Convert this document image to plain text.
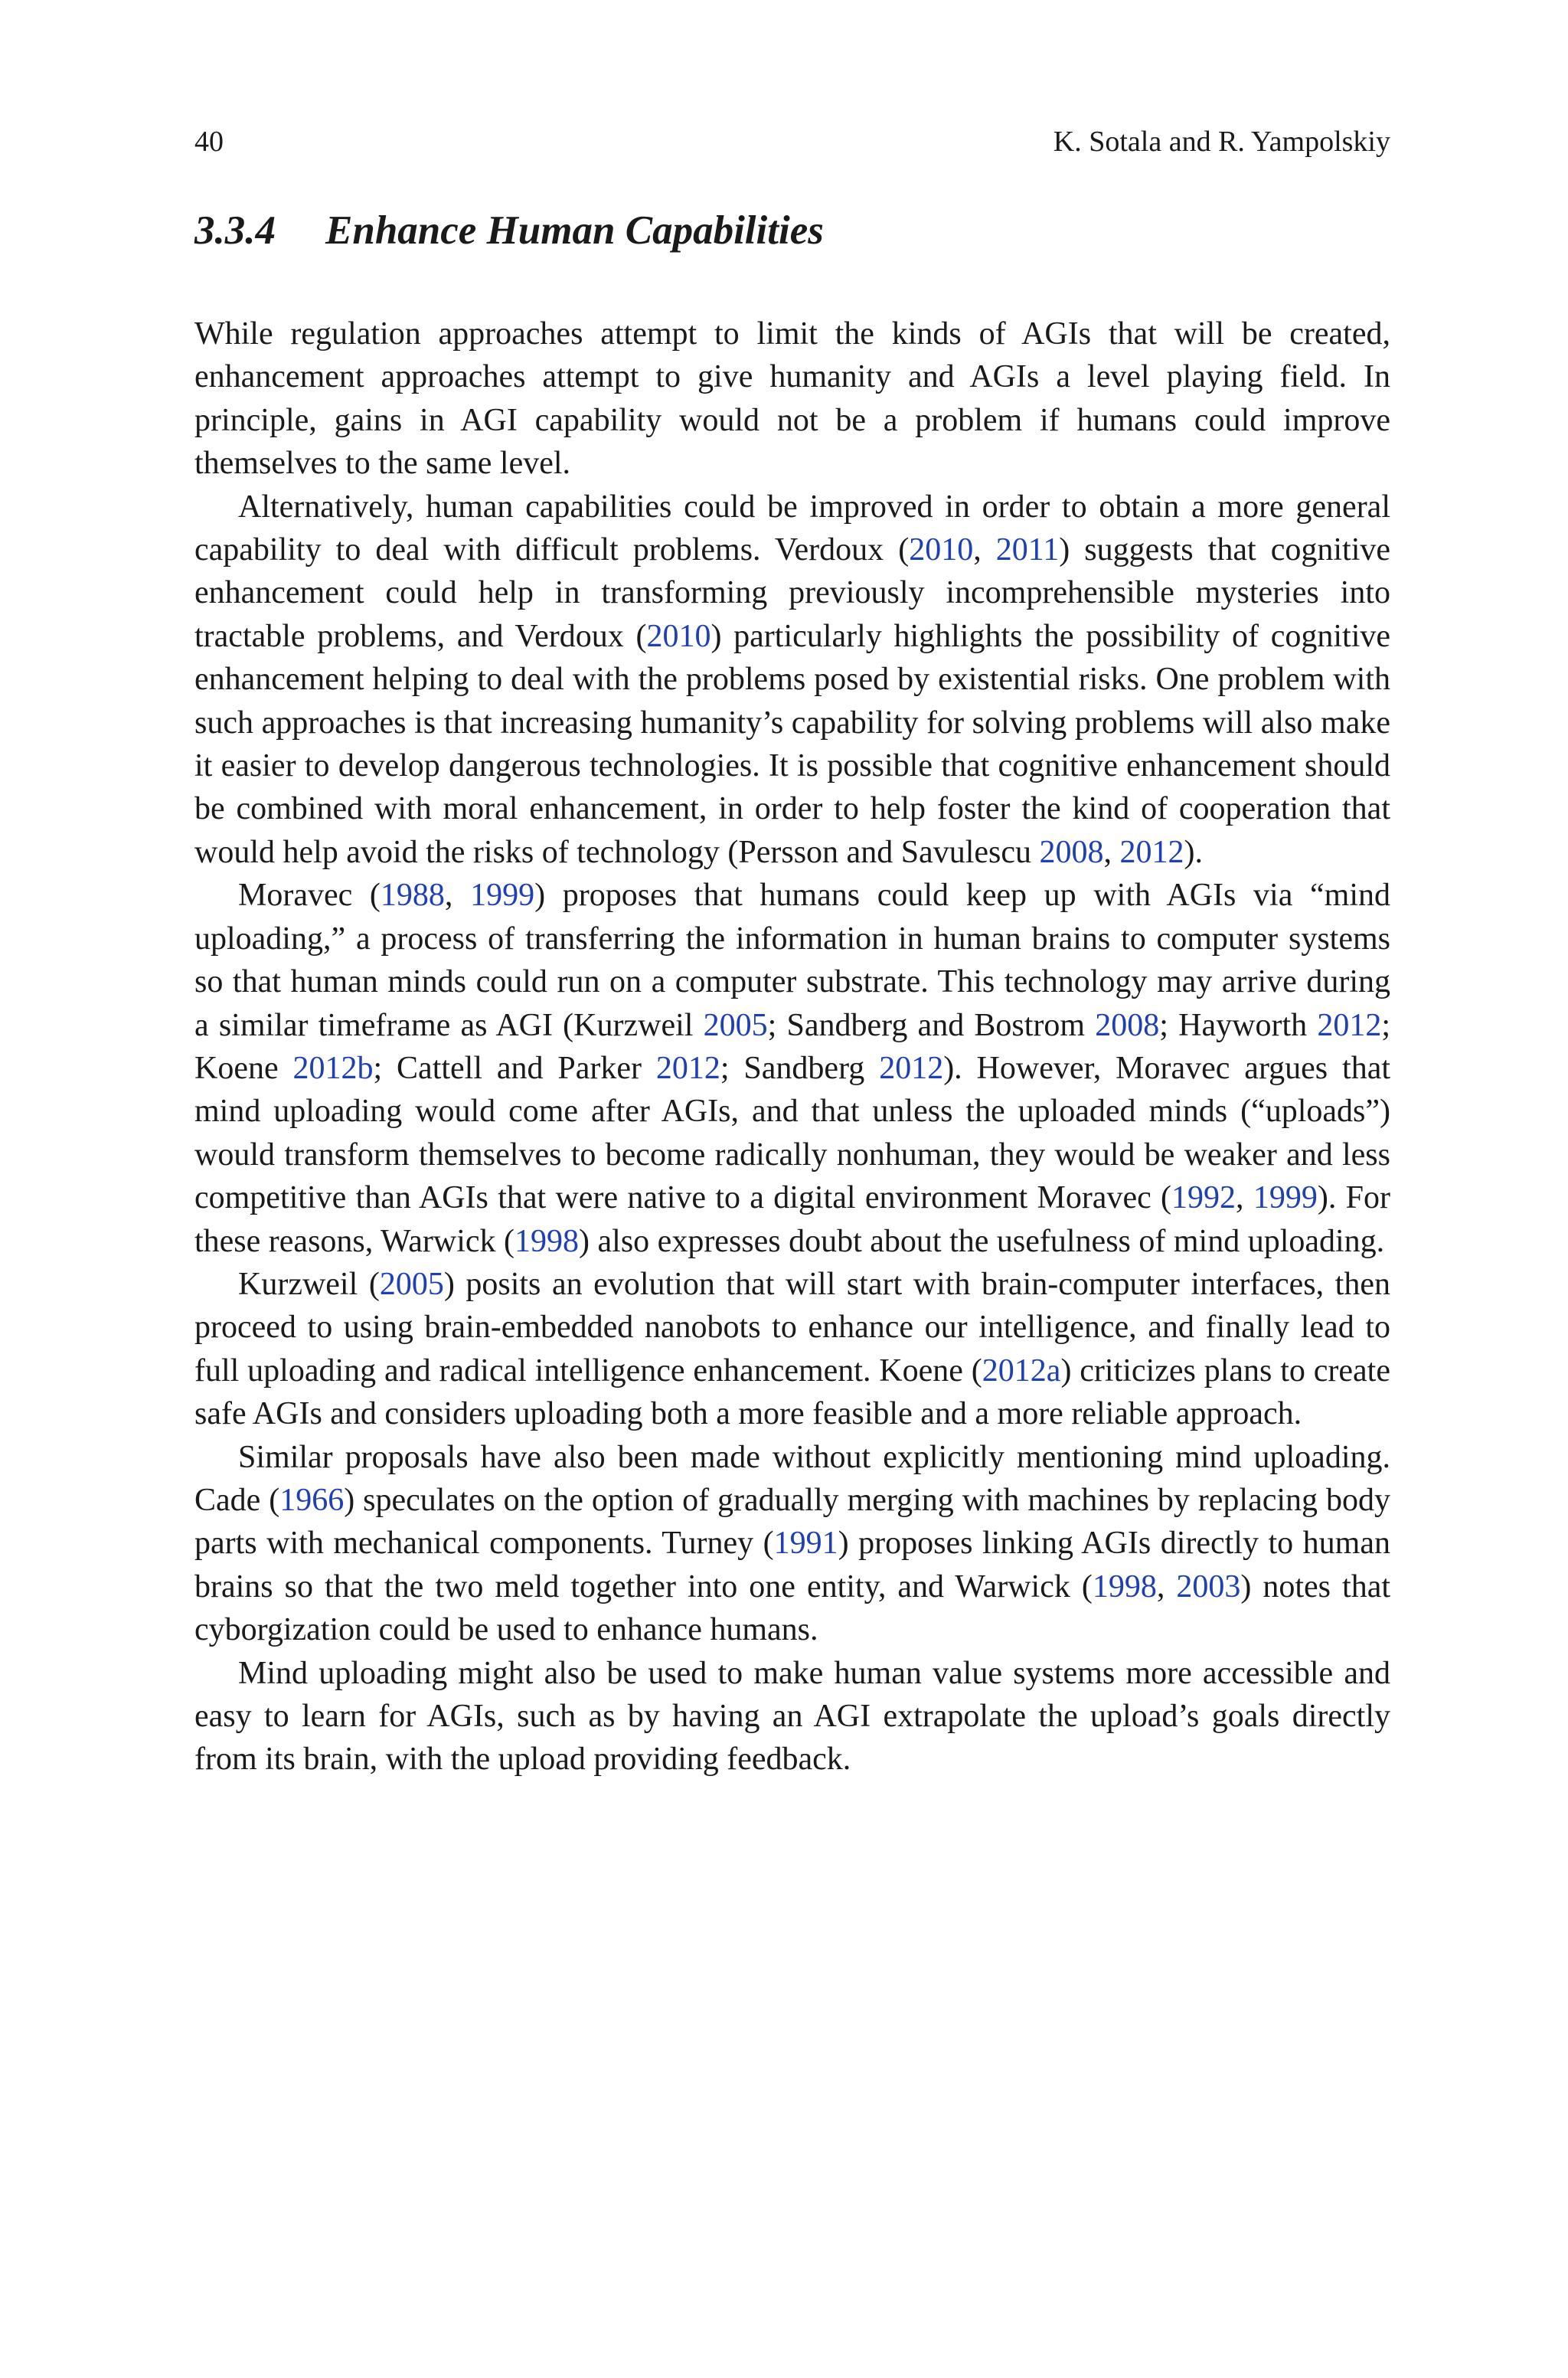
40	K. Sotala and R. Yampolskiy
3.3.4 Enhance Human Capabilities

While regulation approaches attempt to limit the kinds of AGIs that will be created, enhancement approaches attempt to give humanity and AGIs a level playing field. In principle, gains in AGI capability would not be a problem if humans could improve themselves to the same level.

Alternatively, human capabilities could be improved in order to obtain a more general capability to deal with difficult problems. Verdoux (2010, 2011) suggests that cognitive enhancement could help in transforming previously incomprehensible mysteries into tractable problems, and Verdoux (2010) particularly highlights the possibility of cognitive enhancement helping to deal with the problems posed by existential risks. One problem with such approaches is that increasing humanity’s capability for solving problems will also make it easier to develop dangerous technologies. It is possible that cognitive enhancement should be combined with moral enhancement, in order to help foster the kind of cooperation that would help avoid the risks of technology (Persson and Savulescu 2008, 2012).

Moravec (1988, 1999) proposes that humans could keep up with AGIs via “mind uploading,” a process of transferring the information in human brains to computer systems so that human minds could run on a computer substrate. This technology may arrive during a similar timeframe as AGI (Kurzweil 2005; Sandberg and Bostrom 2008; Hayworth 2012; Koene 2012b; Cattell and Parker 2012; Sandberg 2012). However, Moravec argues that mind uploading would come after AGIs, and that unless the uploaded minds (“uploads”) would transform themselves to become radically nonhuman, they would be weaker and less competitive than AGIs that were native to a digital environment Moravec (1992, 1999). For these reasons, Warwick (1998) also expresses doubt about the usefulness of mind uploading.

Kurzweil (2005) posits an evolution that will start with brain-computer interfaces, then proceed to using brain-embedded nanobots to enhance our intelligence, and finally lead to full uploading and radical intelligence enhancement. Koene (2012a) criticizes plans to create safe AGIs and considers uploading both a more feasible and a more reliable approach.

Similar proposals have also been made without explicitly mentioning mind uploading. Cade (1966) speculates on the option of gradually merging with machines by replacing body parts with mechanical components. Turney (1991) proposes linking AGIs directly to human brains so that the two meld together into one entity, and Warwick (1998, 2003) notes that cyborgization could be used to enhance humans.

Mind uploading might also be used to make human value systems more accessible and easy to learn for AGIs, such as by having an AGI extrapolate the upload’s goals directly from its brain, with the upload providing feedback.
